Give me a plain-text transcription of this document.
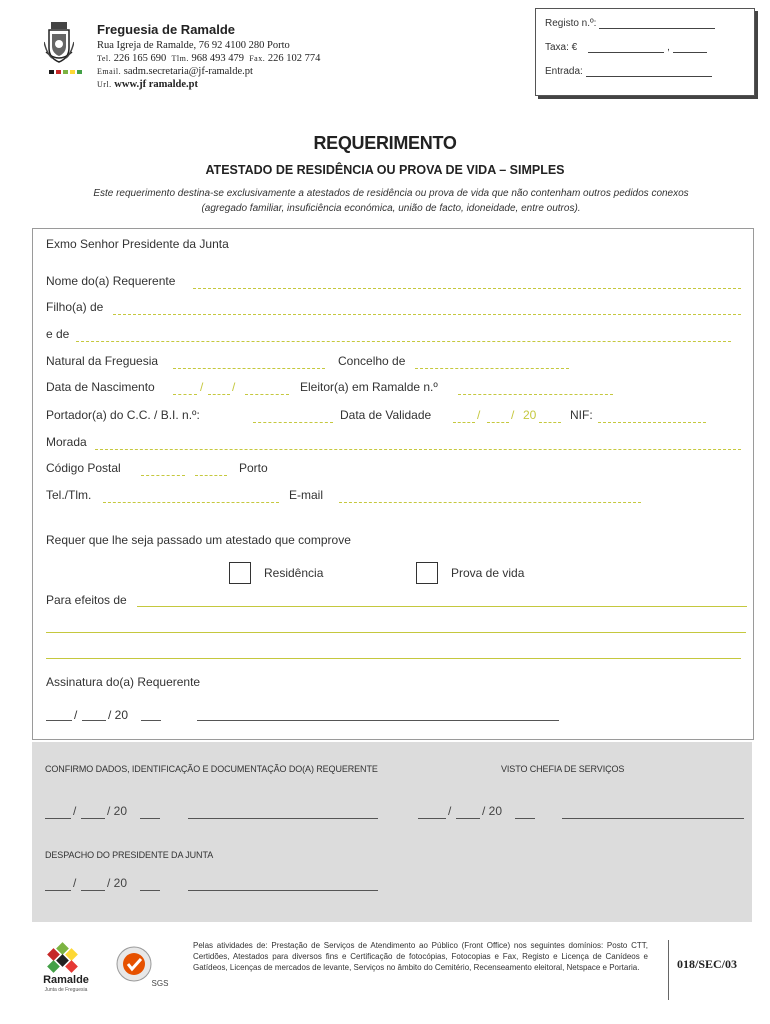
Freguesia de Ramalde
Rua Igreja de Ramalde, 76 92 4100 280 Porto
Tel. 226 165 690 Tlm. 968 493 479 Fax. 226 102 774
Email. sadm.secretaria@jf-ramalde.pt
Url. www.jf ramalde.pt
Registo n.º:
Taxa: €	,
Entrada:
REQUERIMENTO
ATESTADO DE RESIDÊNCIA OU PROVA DE VIDA – SIMPLES
Este requerimento destina-se exclusivamente a atestados de residência ou prova de vida que não contenham outros pedidos conexos
(agregado familiar, insuficiência económica, união de facto, idoneidade, entre outros).
Exmo Senhor Presidente da Junta
Nome do(a) Requerente
Filho(a) de
e de
Natural da Freguesia	Concelho de
Data de Nascimento	/ /	Eleitor(a) em Ramalde n.º
Portador(a) do C.C. / B.I. n.º:	Data de Validade	/	/ 20	NIF:
Morada
Código Postal	Porto
Tel./Tlm.	E-mail
Requer que lhe seja passado um atestado que comprove
Residência	Prova de vida
Para efeitos de
Assinatura do(a) Requerente
/	/ 20
CONFIRMO DADOS, IDENTIFICAÇÃO E DOCUMENTAÇÃO DO(A) REQUERENTE	VISTO CHEFIA DE SERVIÇOS
/	/ 20	/	/ 20
DESPACHO DO PRESIDENTE DA JUNTA
/	/ 20
Ramalde
Junta de Freguesia
SGS
Pelas atividades de: Prestação de Serviços de Atendimento ao Público (Front Office) nos seguintes domínios: Posto CTT, Certidões, Atestados para diversos fins e Certificação de fotocópias, Fotocopias e Fax, Registo e Licença de Canídeos e Gatídeos, Licenças de mercados de levante, Serviços no âmbito do Cemitério, Recenseamento eleitoral, Netspace e Portaria.	018/SEC/03
